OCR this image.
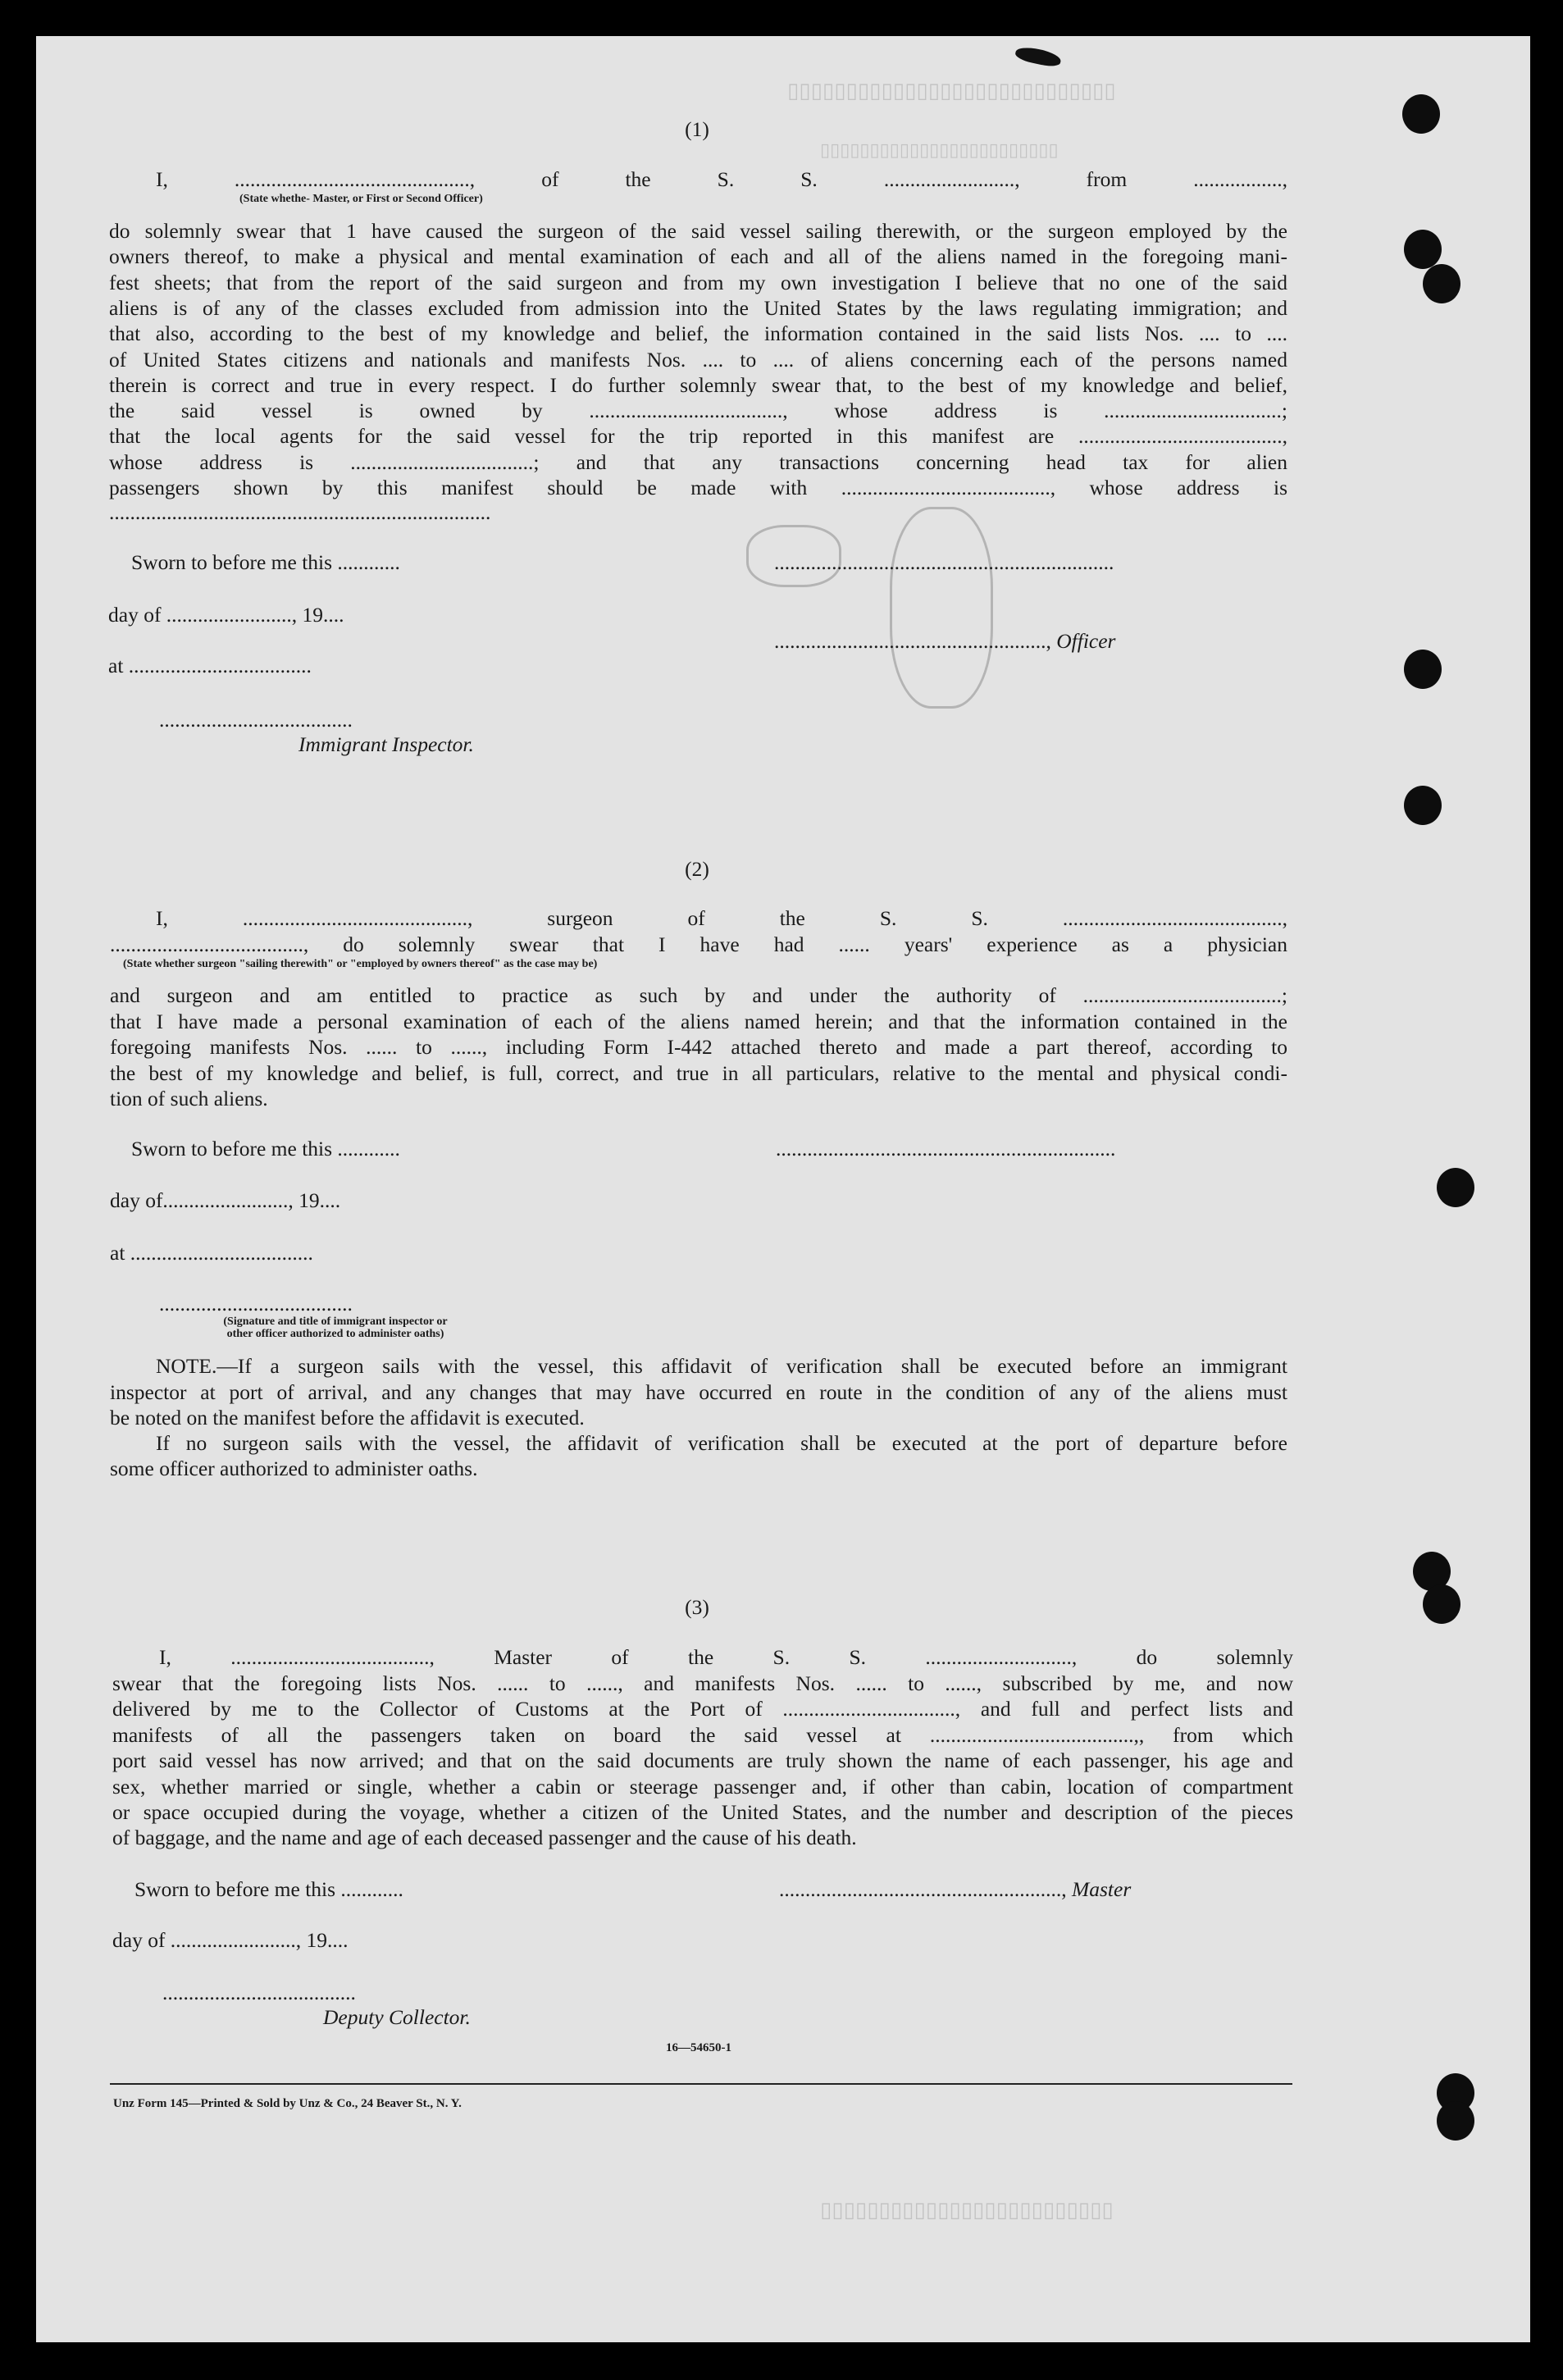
▯▯▯▯▯▯▯▯▯▯▯▯▯▯▯▯▯▯▯▯▯▯▯▯▯▯▯▯
▯▯▯▯▯▯▯▯▯▯▯▯▯▯▯▯▯▯▯▯▯▯▯▯
▯▯▯▯▯▯▯▯▯▯▯▯▯▯▯▯▯▯▯▯▯▯▯▯▯
(1)
I, ............................................., of the S. S. ........................., from .................,
(State whethe- Master, or First or Second Officer)
do solemnly swear that 1 have caused the surgeon of the said vessel sailing therewith, or the surgeon employed by the
owners thereof, to make a physical and mental examination of each and all of the aliens named in the foregoing mani-
fest sheets; that from the report of the said surgeon and from my own investigation I believe that no one of the said
aliens is of any of the classes excluded from admission into the United States by the laws regulating immigration; and
that also, according to the best of my knowledge and belief, the information contained in the said lists Nos. .... to ....
of United States citizens and nationals and manifests Nos. .... to .... of aliens concerning each of the persons named
therein is correct and true in every respect. I do further solemnly swear that, to the best of my knowledge and belief,
the said vessel is owned by ....................................., whose address is ..................................;
that the local agents for the said vessel for the trip reported in this manifest are .......................................,
whose address is ...................................; and that any transactions concerning head tax for alien
passengers shown by this manifest should be made with ........................................, whose address is
.........................................................................
Sworn to before me this ............	.................................................................
day of ........................, 19....
...................................................., Officer
at ...................................
.....................................
Immigrant Inspector.
(2)
I, ..........................................., surgeon of the S. S. ..........................................,
....................................., do solemnly swear that I have had ...... years' experience as a physician
(State whether surgeon "sailing therewith" or "employed by owners thereof" as the case may be)
and surgeon and am entitled to practice as such by and under the authority of ......................................;
that I have made a personal examination of each of the aliens named herein; and that the information contained in the
foregoing manifests Nos. ...... to ......, including Form I-442 attached thereto and made a part thereof, according to
the best of my knowledge and belief, is full, correct, and true in all particulars, relative to the mental and physical condi-
tion of such aliens.
Sworn to before me this ............	.................................................................
day of........................, 19....
at ...................................
.....................................
(Signature and title of immigrant inspector or
other officer authorized to administer oaths)
NOTE.—If a surgeon sails with the vessel, this affidavit of verification shall be executed before an immigrant
inspector at port of arrival, and any changes that may have occurred en route in the condition of any of the aliens must
be noted on the manifest before the affidavit is executed.
If no surgeon sails with the vessel, the affidavit of verification shall be executed at the port of departure before
some officer authorized to administer oaths.
(3)
I, ......................................, Master of the S. S. ............................, do solemnly
swear that the foregoing lists Nos. ...... to ......, and manifests Nos. ...... to ......, subscribed by me, and now
delivered by me to the Collector of Customs at the Port of ................................., and full and perfect lists and
manifests of all the passengers taken on board the said vessel at .......................................,, from which
port said vessel has now arrived; and that on the said documents are truly shown the name of each passenger, his age and
sex, whether married or single, whether a cabin or steerage passenger and, if other than cabin, location of compartment
or space occupied during the voyage, whether a citizen of the United States, and the number and description of the pieces
of baggage, and the name and age of each deceased passenger and the cause of his death.
Sworn to before me this ............	......................................................, Master
day of ........................, 19....
.....................................
Deputy Collector.
16—54650-1
Unz Form 145—Printed & Sold by Unz & Co., 24 Beaver St., N. Y.
